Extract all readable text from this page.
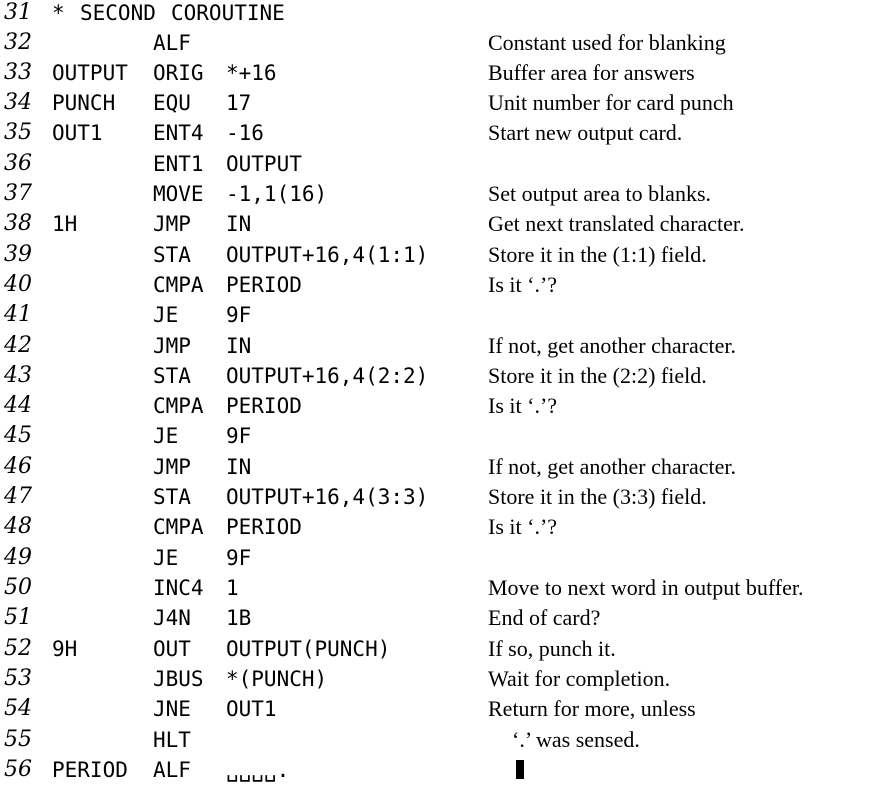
31 * SECOND COROUTINE
32	ALF	Constant used for blanking
33 OUTPUT ORIG *+16	Buffer area for answers
34 PUNCH EQU 17	Unit number for card punch
35 OUT1 ENT4 -16	Start new output card.
36	ENT1 OUTPUT
37	MOVE -1,1(16)	Set output area to blanks.
38 1H	JMP IN	Get next translated character.
39	STA OUTPUT+16,4(1:1)	Store it in the (1:1) field.
40	CMPA PERIOD	Is it ‘.’?
41	JE 9F
42	JMP IN	If not, get another character.
43	STA OUTPUT+16,4(2:2)	Store it in the (2:2) field.
44	CMPA PERIOD	Is it ‘.’?
45	JE 9F
46	JMP IN	If not, get another character.
47	STA OUTPUT+16,4(3:3)	Store it in the (3:3) field.
48	CMPA PERIOD	Is it ‘.’?
49	JE 9F
50	INC4 1	Move to next word in output buffer.
51	J4N 1B	End of card?
52 9H	OUT OUTPUT(PUNCH)	If so, punch it.
53	JBUS *(PUNCH)	Wait for completion.
54	JNE OUT1	Return for more, unless
55	HLT	‘.’ was sensed.
56 PERIOD ALF ␣␣␣␣.
